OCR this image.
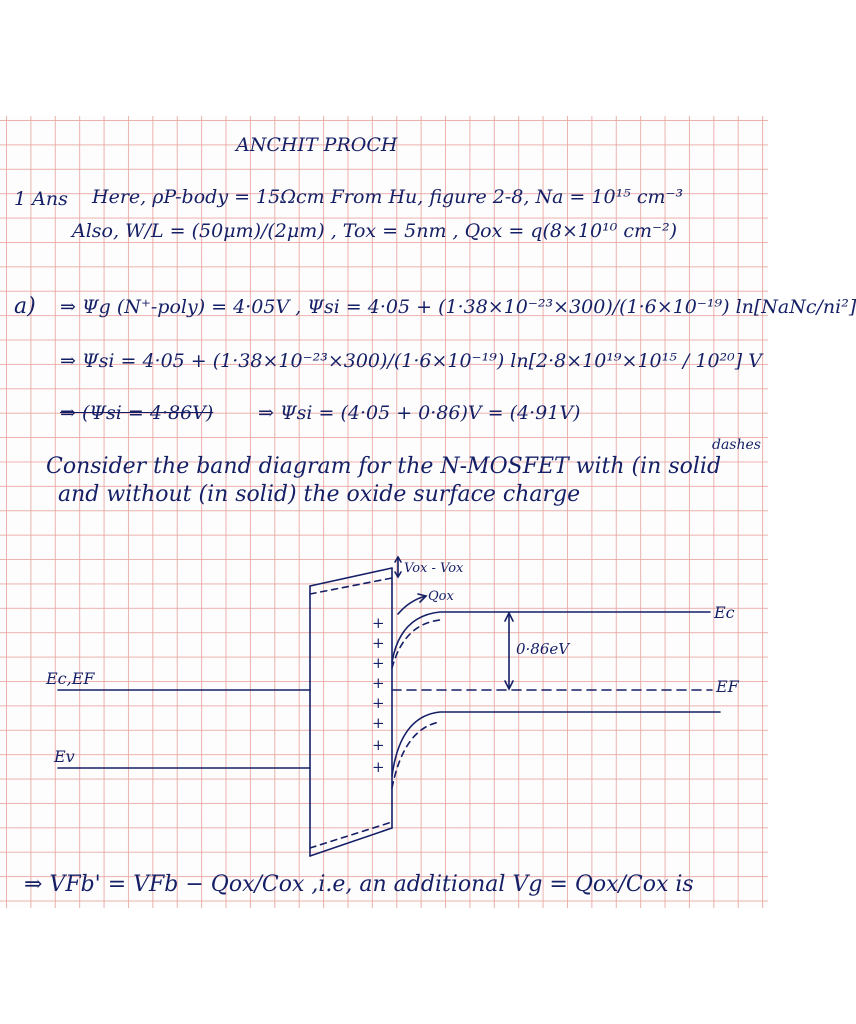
ANCHIT PROCH
1 Ans Here, ρP-body = 15Ωcm From Hu, figure 2-8, Na = 10¹⁵ cm⁻³
Also, W/L = (50μm)/(2μm) , Tox = 5nm , Qox = q(8×10¹⁰ cm⁻²)
a) ⇒ Ψg (N⁺-poly) = 4·05V , Ψsi = 4·05 + (1·38×10⁻²³×300)/(1·6×10⁻¹⁹) ln[NaNc/ni²]
⇒ Ψsi = 4·05 + (1·38×10⁻²³×300)/(1·6×10⁻¹⁹) ln[2·8×10¹⁹×10¹⁵ / 10²⁰] V
⇒ (Ψsi = 4·86V) ⇒ Ψsi = (4·05 + 0·86)V = (4·91V)
dashes
Consider the band diagram for the N-MOSFET with (in solid
and without (in solid) the oxide surface charge
+
+
+
+
+
+
+
+
Vox - Vox
Qox
Ec
0·86eV
Ec,EF	EF
Ev
⇒ VFb' = VFb − Qox/Cox ,i.e, an additional Vg = Qox/Cox is
